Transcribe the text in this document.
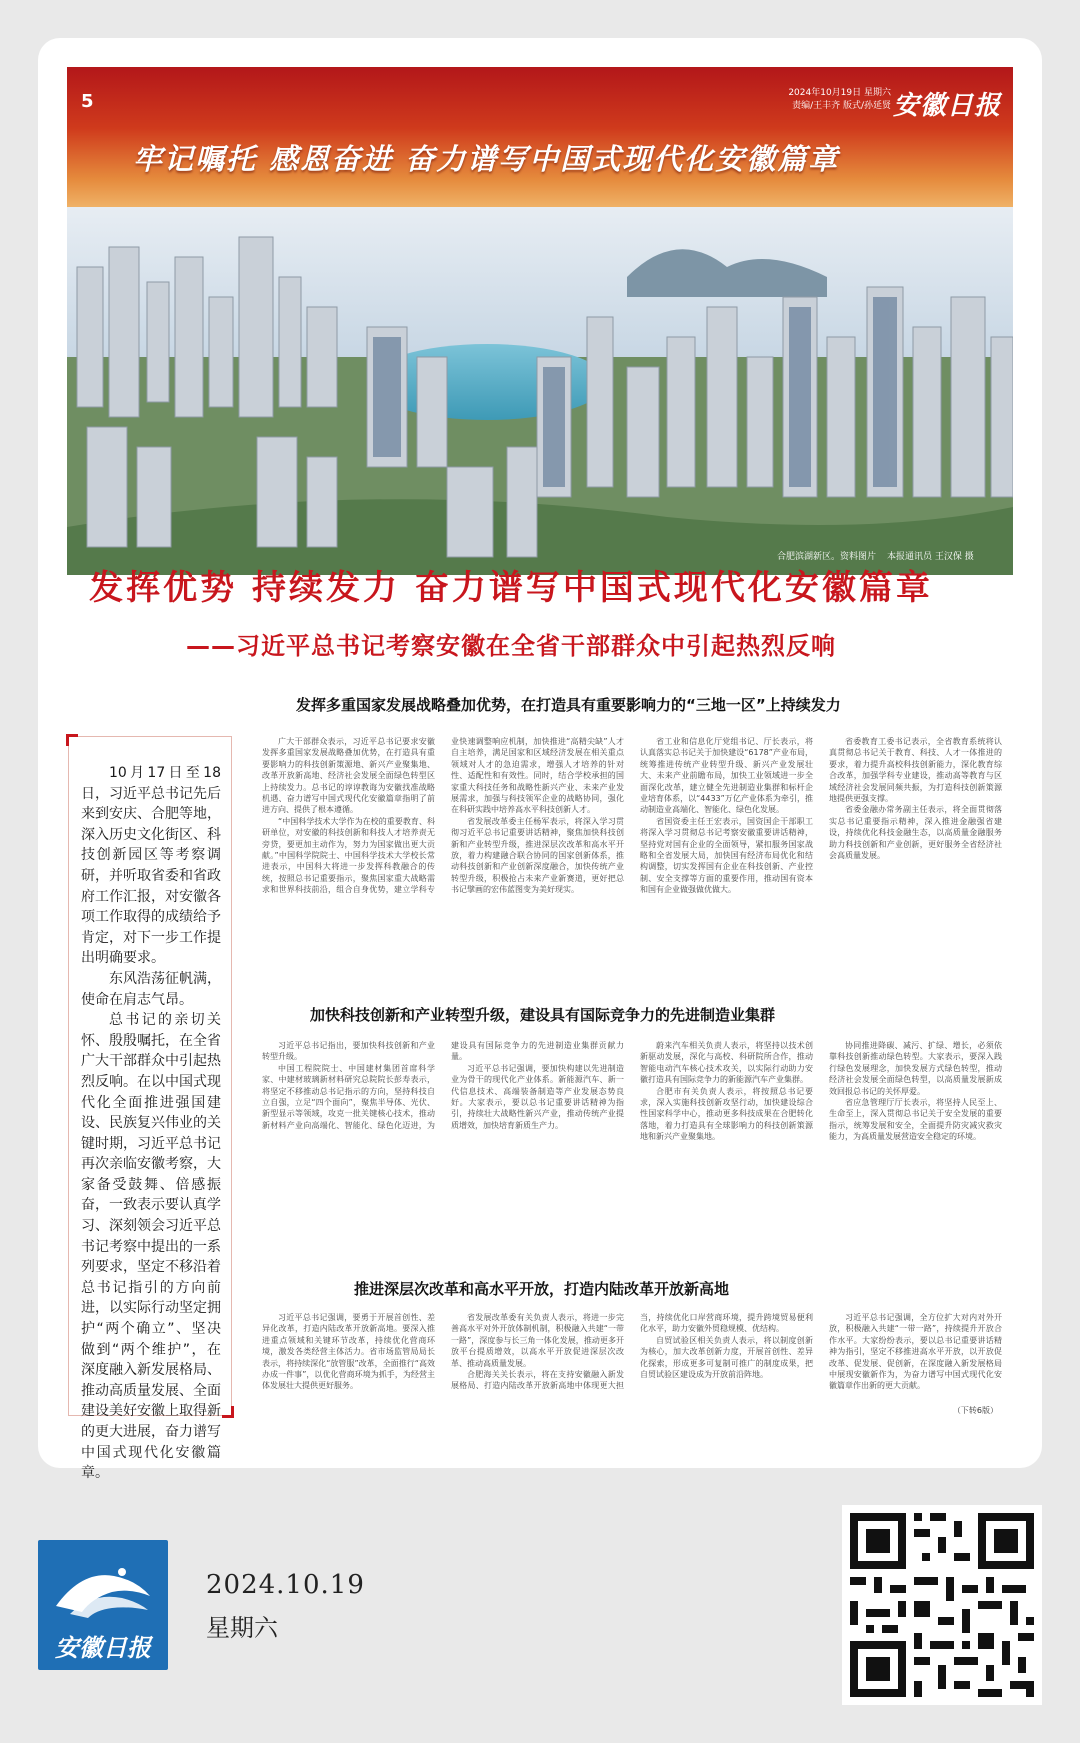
5	2024年10月19日 星期六
责编/王丰齐 版式/孙延贤 安徽日报
牢记嘱托 感恩奋进 奋力谱写中国式现代化安徽篇章
合肥滨湖新区。资料图片 本报通讯员 王汉保 摄
发挥优势 持续发力 奋力谱写中国式现代化安徽篇章
——习近平总书记考察安徽在全省干部群众中引起热烈反响
发挥多重国家发展战略叠加优势，在打造具有重要影响力的“三地一区”上持续发力
加快科技创新和产业转型升级，建设具有国际竞争力的先进制造业集群
推进深层次改革和高水平开放，打造内陆改革开放新高地

10月17日至18日，习近平总书记先后来到安庆、合肥等地，深入历史文化街区、科技创新园区等考察调研，并听取省委和省政府工作汇报，对安徽各项工作取得的成绩给予肯定，对下一步工作提出明确要求。

东风浩荡征帆满，使命在肩志气昂。

总书记的亲切关怀、殷殷嘱托，在全省广大干部群众中引起热烈反响。在以中国式现代化全面推进强国建设、民族复兴伟业的关键时期，习近平总书记再次亲临安徽考察，大家备受鼓舞、倍感振奋，一致表示要认真学习、深刻领会习近平总书记考察中提出的一系列要求，坚定不移沿着总书记指引的方向前进，以实际行动坚定拥护“两个确立”、坚决做到“两个维护”，在深度融入新发展格局、推动高质量发展、全面建设美好安徽上取得新的更大进展，奋力谱写中国式现代化安徽篇章。

广大干部群众表示，习近平总书记要求安徽发挥多重国家发展战略叠加优势，在打造具有重要影响力的科技创新策源地、新兴产业聚集地、改革开放新高地、经济社会发展全面绿色转型区上持续发力。总书记的谆谆教诲为安徽找准战略机遇、奋力谱写中国式现代化安徽篇章指明了前进方向、提供了根本遵循。

“中国科学技术大学作为在校的重要教育、科研单位，对安徽的科技创新和科技人才培养责无旁贷，要更加主动作为，努力为国家做出更大贡献。”中国科学院院士、中国科学技术大学校长常进表示，中国科大将进一步发挥科教融合的传统，按照总书记重要指示，聚焦国家重大战略需求和世界科技前沿，组合自身优势，建立学科专业快速调整响应机制，加快推进“高精尖缺”人才自主培养，满足国家和区域经济发展在相关重点领域对人才的急迫需求，增强人才培养的针对性、适配性和有效性。同时，结合学校承担的国家重大科技任务和战略性新兴产业、未来产业发展需求，加强与科技领军企业的战略协同，强化在科研实践中培养高水平科技创新人才。

省发展改革委主任杨军表示，将深入学习贯彻习近平总书记重要讲话精神，聚焦加快科技创新和产业转型升级，推进深层次改革和高水平开放，着力构建融合联合协同的国家创新体系，推动科技创新和产业创新深度融合，加快传统产业转型升级，积极抢占未来产业新赛道，更好把总书记擘画的宏伟蓝图变为美好现实。

省工业和信息化厅党组书记、厅长表示，将认真落实总书记关于加快建设“6178”产业布局，统筹推进传统产业转型升级、新兴产业发展壮大、未来产业前瞻布局，加快工业领域进一步全面深化改革，建立健全先进制造业集群和标杆企业培育体系，以“4433”万亿产业体系为牵引，推动制造业高端化、智能化、绿色化发展。

省国资委主任王宏表示，国资国企干部职工将深入学习贯彻总书记考察安徽重要讲话精神，坚持党对国有企业的全面领导，紧扣服务国家战略和全省发展大局，加快国有经济布局优化和结构调整，切实发挥国有企业在科技创新、产业控制、安全支撑等方面的重要作用，推动国有资本和国有企业做强做优做大。

省委教育工委书记表示，全省教育系统将认真贯彻总书记关于教育、科技、人才一体推进的要求，着力提升高校科技创新能力，深化教育综合改革，加强学科专业建设，推动高等教育与区域经济社会发展同频共振，为打造科技创新策源地提供更强支撑。

省委金融办常务副主任表示，将全面贯彻落实总书记重要指示精神，深入推进金融强省建设，持续优化科技金融生态，以高质量金融服务助力科技创新和产业创新，更好服务全省经济社会高质量发展。

习近平总书记指出，要加快科技创新和产业转型升级。

中国工程院院士、中国建材集团首席科学家、中建材玻璃新材料研究总院院长彭寿表示，将坚定不移推动总书记指示的方向，坚持科技自立自强，立足“四个面向”，聚焦半导体、光伏、新型显示等领域，攻克一批关键核心技术，推动新材料产业向高端化、智能化、绿色化迈进，为建设具有国际竞争力的先进制造业集群贡献力量。

习近平总书记强调，要加快构建以先进制造业为骨干的现代化产业体系。新能源汽车、新一代信息技术、高端装备制造等产业发展态势良好。大家表示，要以总书记重要讲话精神为指引，持续壮大战略性新兴产业，推动传统产业提质增效，加快培育新质生产力。

蔚来汽车相关负责人表示，将坚持以技术创新驱动发展，深化与高校、科研院所合作，推动智能电动汽车核心技术攻关，以实际行动助力安徽打造具有国际竞争力的新能源汽车产业集群。

合肥市有关负责人表示，将按照总书记要求，深入实施科技创新攻坚行动，加快建设综合性国家科学中心，推动更多科技成果在合肥转化落地，着力打造具有全球影响力的科技创新策源地和新兴产业聚集地。

协同推进降碳、减污、扩绿、增长，必须依靠科技创新推动绿色转型。大家表示，要深入践行绿色发展理念，加快发展方式绿色转型，推动经济社会发展全面绿色转型，以高质量发展新成效回报总书记的关怀厚爱。

省应急管理厅厅长表示，将坚持人民至上、生命至上，深入贯彻总书记关于安全发展的重要指示，统筹发展和安全，全面提升防灾减灾救灾能力，为高质量发展营造安全稳定的环境。

习近平总书记强调，要勇于开展首创性、差异化改革，打造内陆改革开放新高地。要深入推进重点领域和关键环节改革，持续优化营商环境，激发各类经营主体活力。省市场监管局局长表示，将持续深化“放管服”改革，全面推行“高效办成一件事”，以优化营商环境为抓手，为经营主体发展壮大提供更好服务。

省发展改革委有关负责人表示，将进一步完善高水平对外开放体制机制，积极融入共建“一带一路”，深度参与长三角一体化发展，推动更多开放平台提质增效，以高水平开放促进深层次改革、推动高质量发展。

合肥海关关长表示，将在支持安徽融入新发展格局、打造内陆改革开放新高地中体现更大担当，持续优化口岸营商环境，提升跨境贸易便利化水平，助力安徽外贸稳规模、优结构。

自贸试验区相关负责人表示，将以制度创新为核心，加大改革创新力度，开展首创性、差异化探索，形成更多可复制可推广的制度成果，把自贸试验区建设成为开放前沿阵地。

习近平总书记强调，全方位扩大对内对外开放，积极融入共建“一带一路”，持续提升开放合作水平。大家纷纷表示，要以总书记重要讲话精神为指引，坚定不移推进高水平开放，以开放促改革、促发展、促创新，在深度融入新发展格局中展现安徽新作为，为奋力谱写中国式现代化安徽篇章作出新的更大贡献。

（下转6版）
安徽日报
2024.10.19
星期六
